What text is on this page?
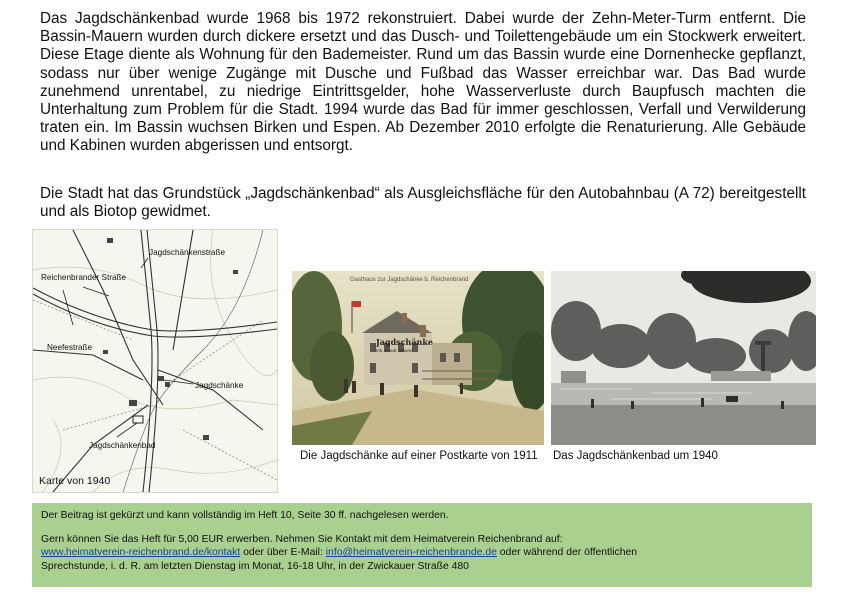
Das Jagdschänkenbad wurde 1968 bis 1972 rekonstruiert. Dabei wurde der Zehn-Meter-Turm entfernt. Die Bassin-Mauern wurden durch dickere ersetzt und das Dusch- und Toilettengebäude um ein Stockwerk erweitert. Diese Etage diente als Wohnung für den Bademeister. Rund um das Bassin wurde eine Dornenhecke gepflanzt, sodass nur über wenige Zugänge mit Dusche und Fußbad das Wasser erreichbar war. Das Bad wurde zunehmend unrentabel, zu niedrige Eintrittsgelder, hohe Wasserverluste durch Baupfusch machten die Unterhaltung zum Problem für die Stadt. 1994 wurde das Bad für immer geschlossen, Verfall und Verwilderung traten ein. Im Bassin wuchsen Birken und Espen. Ab Dezember 2010 erfolgte die Renaturierung. Alle Gebäude und Kabinen wurden abgerissen und entsorgt.

Die Stadt hat das Grundstück „Jagdschänkenbad“ als Ausgleichsfläche für den Autobahnbau (A 72) bereitgestellt und als Biotop gewidmet.

Jagdschänkenstraße
Reichenbrander Straße
Neefestraße
Jagdschänke
Jagdschänkenbad
Karte von 1940
Gasthaus zur Jagdschänke b. Reichenbrand
Jagdschänke
Inh. Friedr. Maurer
Die Jagdschänke auf einer Postkarte von 1911 Das Jagdschänkenbad um 1940
Der Beitrag ist gekürzt und kann vollständig im Heft 10, Seite 30 ff. nachgelesen werden.
Gern können Sie das Heft für 5,00 EUR erwerben. Nehmen Sie Kontakt mit dem Heimatverein Reichenbrand auf:
www.heimatverein-reichenbrand.de/kontakt oder über E-Mail: info@heimatverein-reichenbrande.de oder während der öffentlichen
Sprechstunde, i. d. R. am letzten Dienstag im Monat, 16-18 Uhr, in der Zwickauer Straße 480
